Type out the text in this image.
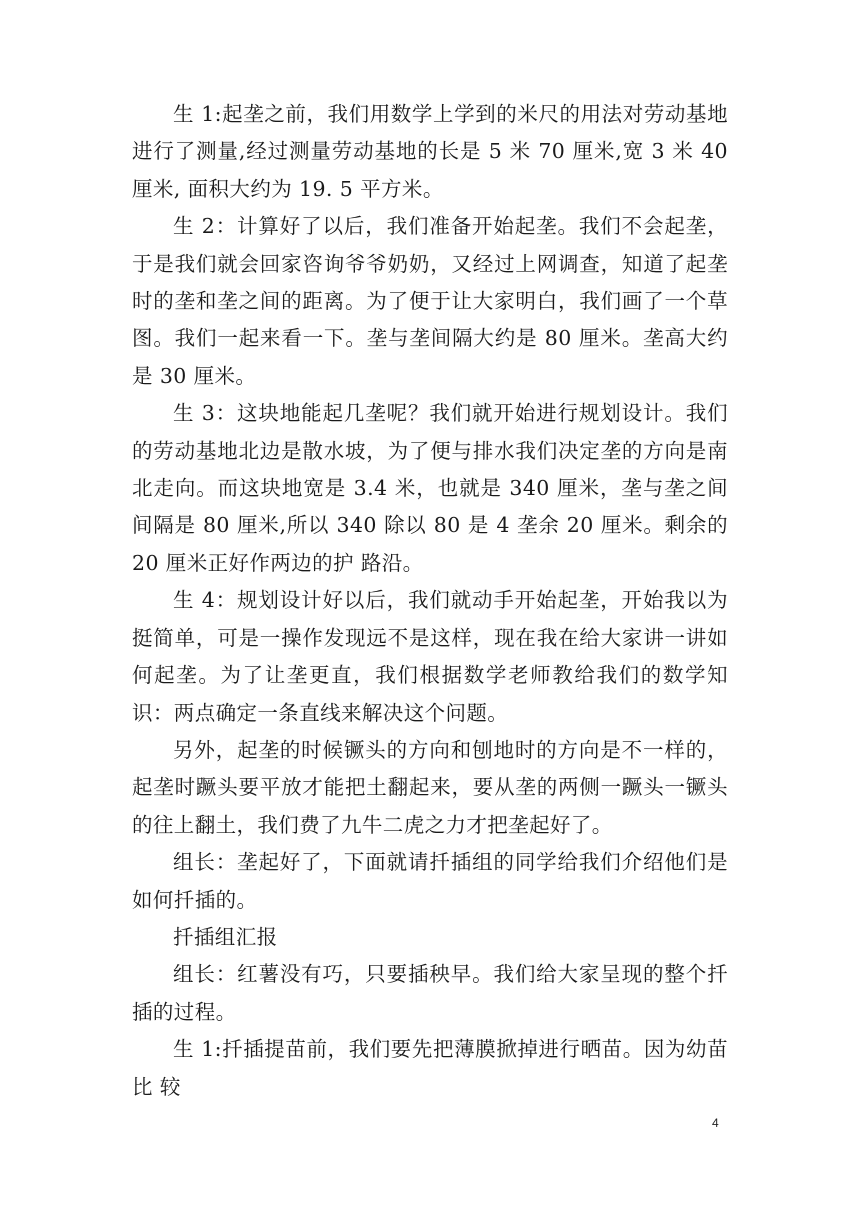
生 1:起垄之前，我们用数学上学到的米尺的用法对劳动基地进行了测量,经过测量劳动基地的长是 5 米 70 厘米,宽 3 米 40 厘米, 面积大约为 19. 5 平方米。

生 2：计算好了以后，我们准备开始起垄。我们不会起垄，于是我们就会回家咨询爷爷奶奶，又经过上网调查，知道了起垄时的垄和垄之间的距离。为了便于让大家明白，我们画了一个草图。我们一起来看一下。垄与垄间隔大约是 80 厘米。垄高大约是 30 厘米。

生 3：这块地能起几垄呢？我们就开始进行规划设计。我们的劳动基地北边是散水坡，为了便与排水我们决定垄的方向是南北走向。而这块地宽是 3.4 米，也就是 340 厘米，垄与垄之间间隔是 80 厘米,所以 340 除以 80 是 4 垄余 20 厘米。剩余的 20 厘米正好作两边的护 路沿。

生 4：规划设计好以后，我们就动手开始起垄，开始我以为挺简单，可是一操作发现远不是这样，现在我在给大家讲一讲如何起垄。为了让垄更直，我们根据数学老师教给我们的数学知识：两点确定一条直线来解决这个问题。

另外，起垄的时候镢头的方向和刨地时的方向是不一样的，起垄时蹶头要平放才能把土翻起来，要从垄的两侧一蹶头一镢头的往上翻土，我们费了九牛二虎之力才把垄起好了。

组长：垄起好了，下面就请扦插组的同学给我们介绍他们是如何扦插的。

扦插组汇报

组长：红薯没有巧，只要插秧早。我们给大家呈现的整个扦插的过程。

生 1:扦插提苗前，我们要先把薄膜掀掉进行晒苗。因为幼苗比 较

4
